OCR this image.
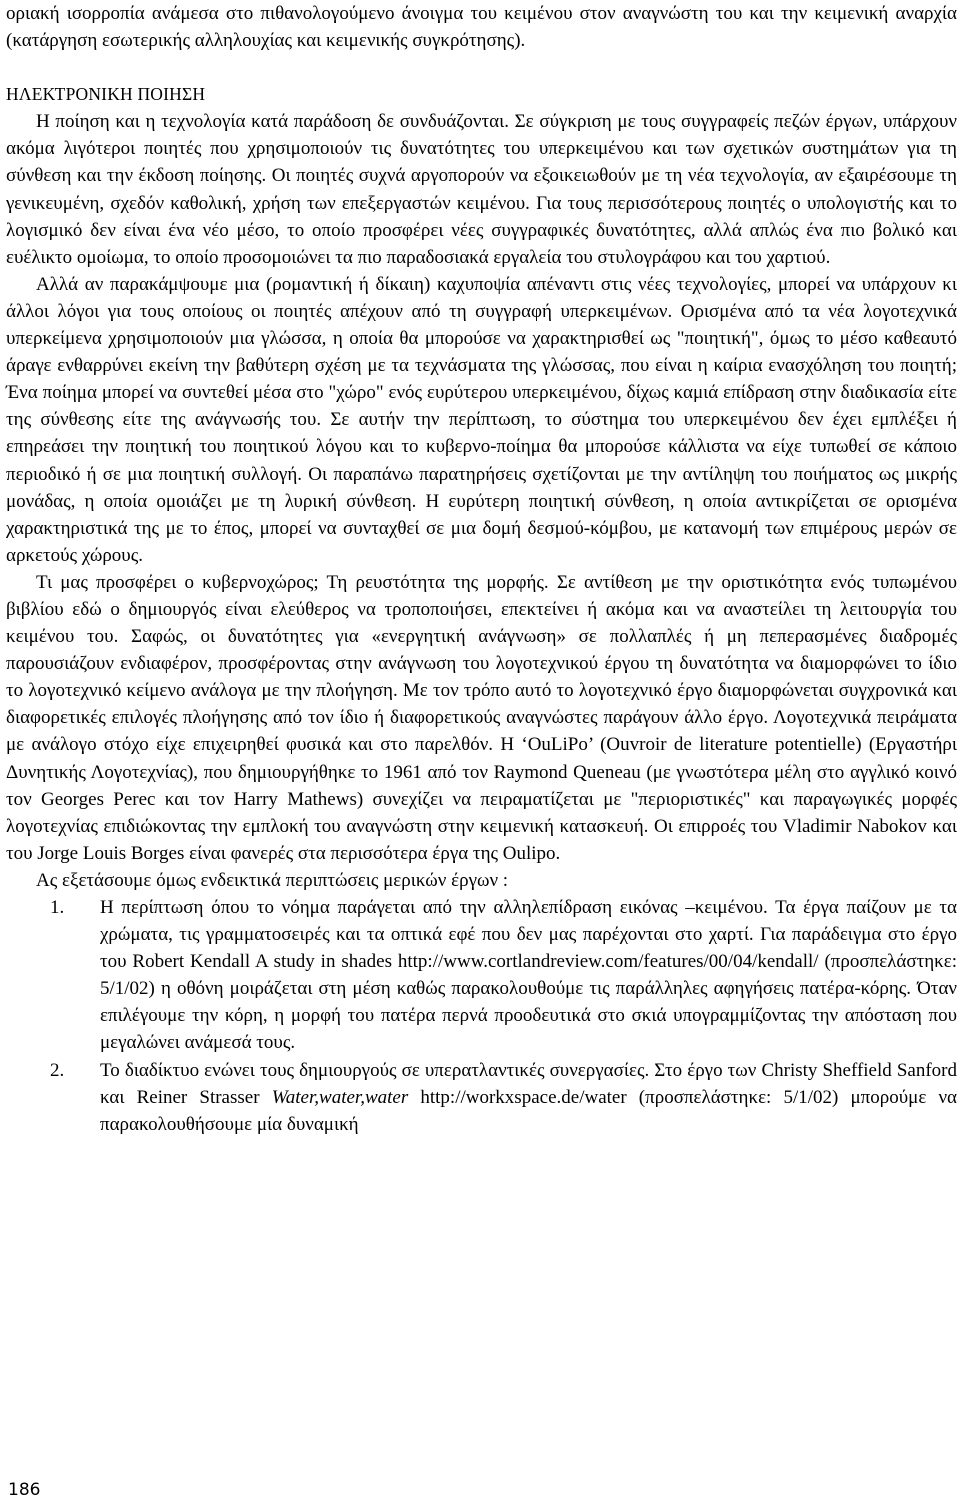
οριακή ισορροπία ανάμεσα στο πιθανολογούμενο άνοιγμα του κειμένου στον αναγνώστη του και την κειμενική αναρχία (κατάργηση εσωτερικής αλληλουχίας και κειμενικής συγκρότησης).

ΗΛΕΚΤΡΟΝΙΚΗ ΠΟΙΗΣΗ

Η ποίηση και η τεχνολογία κατά παράδοση δε συνδυάζονται. Σε σύγκριση με τους συγγραφείς πεζών έργων, υπάρχουν ακόμα λιγότεροι ποιητές που χρησιμοποιούν τις δυνατότητες του υπερκειμένου και των σχετικών συστημάτων για τη σύνθεση και την έκδοση ποίησης. Οι ποιητές συχνά αργοπορούν να εξοικειωθούν με τη νέα τεχνολογία, αν εξαιρέσουμε τη γενικευμένη, σχεδόν καθολική, χρήση των επεξεργαστών κειμένου. Για τους περισσότερους ποιητές ο υπολογιστής και το λογισμικό δεν είναι ένα νέο μέσο, το οποίο προσφέρει νέες συγγραφικές δυνατότητες, αλλά απλώς ένα πιο βολικό και ευέλικτο ομοίωμα, το οποίο προσομοιώνει τα πιο παραδοσιακά εργαλεία του στυλογράφου και του χαρτιού.

Αλλά αν παρακάμψουμε μια (ρομαντική ή δίκαιη) καχυποψία απέναντι στις νέες τεχνολογίες, μπορεί να υπάρχουν κι άλλοι λόγοι για τους οποίους οι ποιητές απέχουν από τη συγγραφή υπερκειμένων. Ορισμένα από τα νέα λογοτεχνικά υπερκείμενα χρησιμοποιούν μια γλώσσα, η οποία θα μπορούσε να χαρακτηρισθεί ως "ποιητική", όμως το μέσο καθεαυτό άραγε ενθαρρύνει εκείνη την βαθύτερη σχέση με τα τεχνάσματα της γλώσσας, που είναι η καίρια ενασχόληση του ποιητή; Ένα ποίημα μπορεί να συντεθεί μέσα στο "χώρο" ενός ευρύτερου υπερκειμένου, δίχως καμιά επίδραση στην διαδικασία είτε της σύνθεσης είτε της ανάγνωσής του. Σε αυτήν την περίπτωση, το σύστημα του υπερκειμένου δεν έχει εμπλέξει ή επηρεάσει την ποιητική του ποιητικού λόγου και το κυβερνο-ποίημα θα μπορούσε κάλλιστα να είχε τυπωθεί σε κάποιο περιοδικό ή σε μια ποιητική συλλογή. Οι παραπάνω παρατηρήσεις σχετίζονται με την αντίληψη του ποιήματος ως μικρής μονάδας, η οποία ομοιάζει με τη λυρική σύνθεση. Η ευρύτερη ποιητική σύνθεση, η οποία αντικρίζεται σε ορισμένα χαρακτηριστικά της με το έπος, μπορεί να συνταχθεί σε μια δομή δεσμού-κόμβου, με κατανομή των επιμέρους μερών σε αρκετούς χώρους.

Τι μας προσφέρει ο κυβερνοχώρος; Τη ρευστότητα της μορφής. Σε αντίθεση με την οριστικότητα ενός τυπωμένου βιβλίου εδώ ο δημιουργός είναι ελεύθερος να τροποποιήσει, επεκτείνει ή ακόμα και να αναστείλει τη λειτουργία του κειμένου του. Σαφώς, οι δυνατότητες για «ενεργητική ανάγνωση» σε πολλαπλές ή μη πεπερασμένες διαδρομές παρουσιάζουν ενδιαφέρον, προσφέροντας στην ανάγνωση του λογοτεχνικού έργου τη δυνατότητα να διαμορφώνει το ίδιο το λογοτεχνικό κείμενο ανάλογα με την πλοήγηση. Με τον τρόπο αυτό το λογοτεχνικό έργο διαμορφώνεται συγχρονικά και διαφορετικές επιλογές πλοήγησης από τον ίδιο ή διαφορετικούς αναγνώστες παράγουν άλλο έργο. Λογοτεχνικά πειράματα με ανάλογο στόχο είχε επιχειρηθεί φυσικά και στο παρελθόν. Η ‘OuLiPo’ (Ouvroir de literature potentielle) (Εργαστήρι Δυνητικής Λογοτεχνίας), που δημιουργήθηκε το 1961 από τον Raymond Queneau (με γνωστότερα μέλη στο αγγλικό κοινό τον Georges Perec και τον Harry Mathews) συνεχίζει να πειραματίζεται με "περιοριστικές" και παραγωγικές μορφές λογοτεχνίας επιδιώκοντας την εμπλοκή του αναγνώστη στην κειμενική κατασκευή. Οι επιρροές του Vladimir Nabokov και του Jorge Louis Borges είναι φανερές στα περισσότερα έργα της Oulipo.

Ας εξετάσουμε όμως ενδεικτικά περιπτώσεις μερικών έργων :

1. Η περίπτωση όπου το νόημα παράγεται από την αλληλεπίδραση εικόνας –κειμένου. Τα έργα παίζουν με τα χρώματα, τις γραμματοσειρές και τα οπτικά εφέ που δεν μας παρέχονται στο χαρτί. Για παράδειγμα στο έργο του Robert Kendall A study in shades http://www.cortlandreview.com/features/00/04/kendall/ (προσπελάστηκε: 5/1/02) η οθόνη μοιράζεται στη μέση καθώς παρακολουθούμε τις παράλληλες αφηγήσεις πατέρα-κόρης. Όταν επιλέγουμε την κόρη, η μορφή του πατέρα περνά προοδευτικά στο σκιά υπογραμμίζοντας την απόσταση που μεγαλώνει ανάμεσά τους.
2. Το διαδίκτυο ενώνει τους δημιουργούς σε υπερατλαντικές συνεργασίες. Στο έργο των Christy Sheffield Sanford και Reiner Strasser Water,water,water http://workxspace.de/water (προσπελάστηκε: 5/1/02) μπορούμε να παρακολουθήσουμε μία δυναμική
186
